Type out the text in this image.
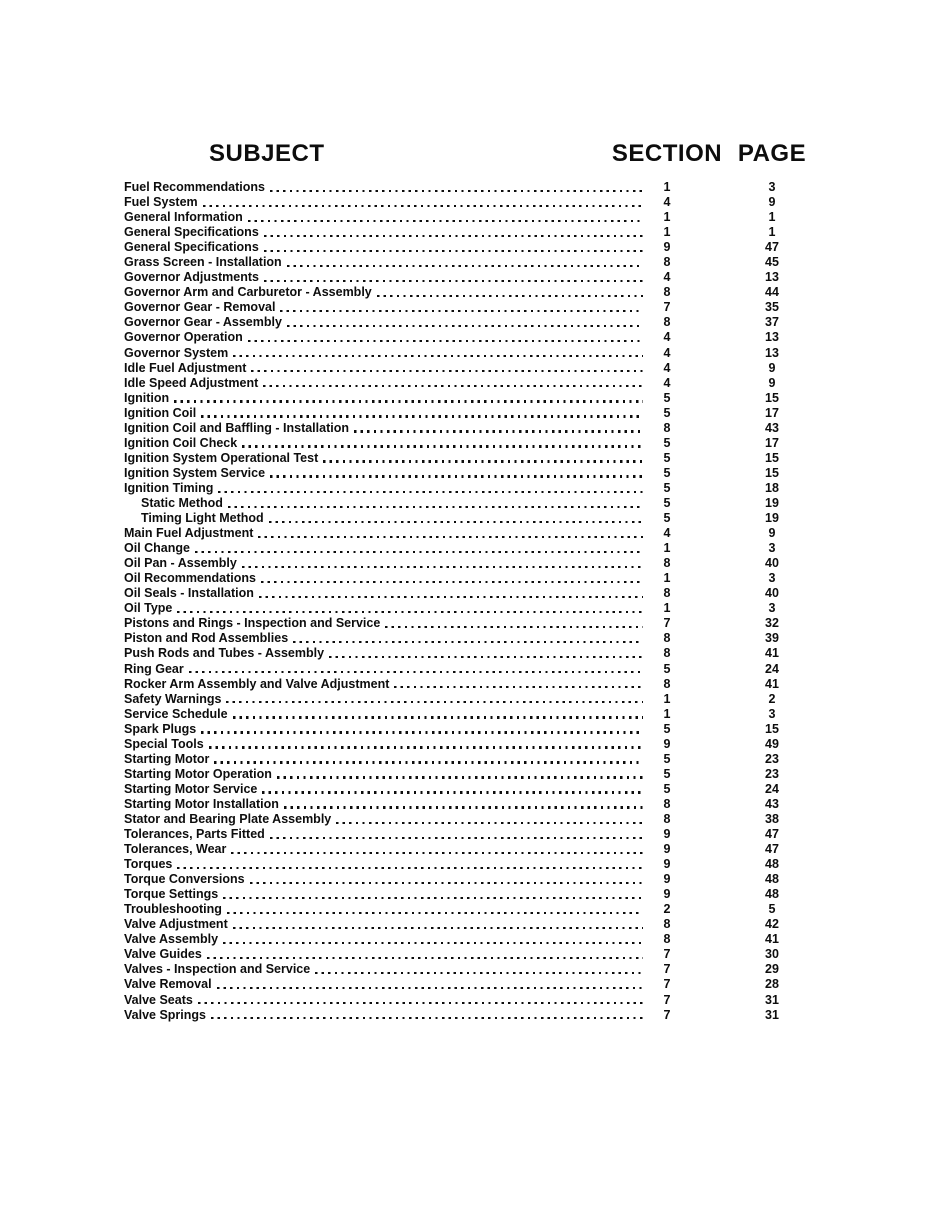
SUBJECT	SECTION PAGE
Fuel Recommendations	1	3
Fuel System	4	9
General Information	1	1
General Specifications	1	1
General Specifications	9	47
Grass Screen - Installation	8	45
Governor Adjustments	4	13
Governor Arm and Carburetor - Assembly	8	44
Governor Gear - Removal	7	35
Governor Gear - Assembly	8	37
Governor Operation	4	13
Governor System	4	13
Idle Fuel Adjustment	4	9
Idle Speed Adjustment	4	9
Ignition	5	15
Ignition Coil	5	17
Ignition Coil and Baffling - Installation	8	43
Ignition Coil Check	5	17
Ignition System Operational Test	5	15
Ignition System Service	5	15
Ignition Timing	5	18
Static Method	5	19
Timing Light Method	5	19
Main Fuel Adjustment	4	9
Oil Change	1	3
Oil Pan - Assembly	8	40
Oil Recommendations	1	3
Oil Seals - Installation	8	40
Oil Type	1	3
Pistons and Rings - Inspection and Service	7	32
Piston and Rod Assemblies	8	39
Push Rods and Tubes - Assembly	8	41
Ring Gear	5	24
Rocker Arm Assembly and Valve Adjustment	8	41
Safety Warnings	1	2
Service Schedule	1	3
Spark Plugs	5	15
Special Tools	9	49
Starting Motor	5	23
Starting Motor Operation	5	23
Starting Motor Service	5	24
Starting Motor Installation	8	43
Stator and Bearing Plate Assembly	8	38
Tolerances, Parts Fitted	9	47
Tolerances, Wear	9	47
Torques	9	48
Torque Conversions	9	48
Torque Settings	9	48
Troubleshooting	2	5
Valve Adjustment	8	42
Valve Assembly	8	41
Valve Guides	7	30
Valves - Inspection and Service	7	29
Valve Removal	7	28
Valve Seats	7	31
Valve Springs	7	31
